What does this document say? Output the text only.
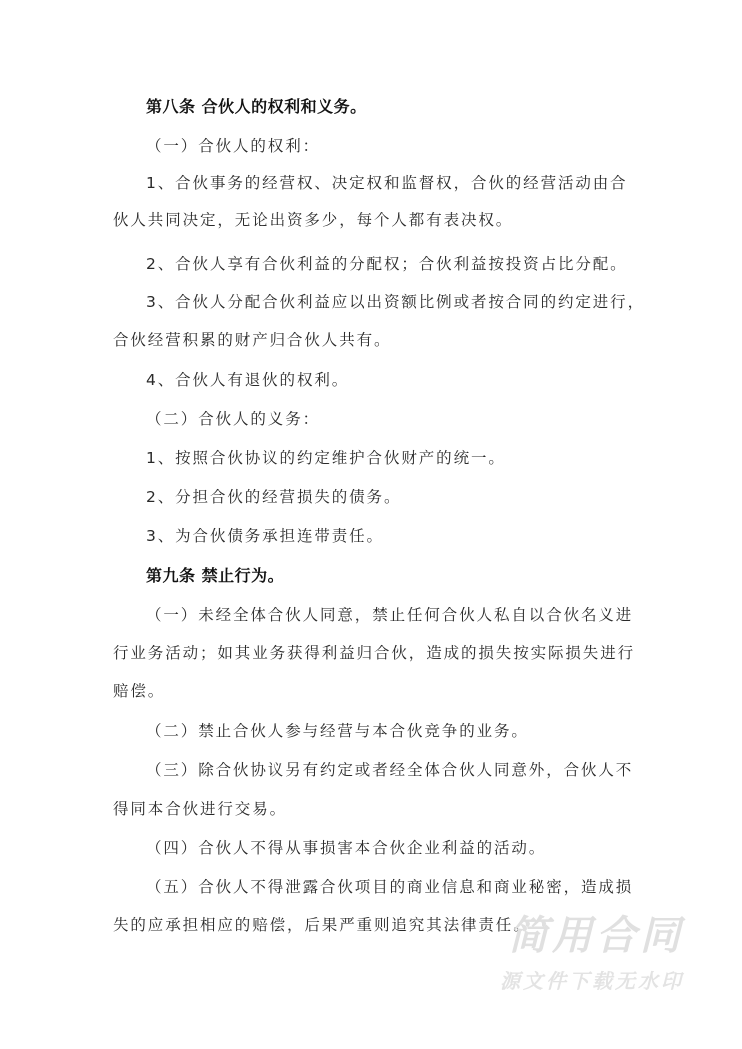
第八条 合伙人的权利和义务。
（一）合伙人的权利：
1、合伙事务的经营权、决定权和监督权，合伙的经营活动由合
伙人共同决定，无论出资多少，每个人都有表决权。
2、合伙人享有合伙利益的分配权；合伙利益按投资占比分配。
3、合伙人分配合伙利益应以出资额比例或者按合同的约定进行，
合伙经营积累的财产归合伙人共有。
4、合伙人有退伙的权利。
（二）合伙人的义务：
1、按照合伙协议的约定维护合伙财产的统一。
2、分担合伙的经营损失的债务。
3、为合伙债务承担连带责任。
第九条 禁止行为。
（一）未经全体合伙人同意，禁止任何合伙人私自以合伙名义进
行业务活动；如其业务获得利益归合伙，造成的损失按实际损失进行
赔偿。
（二）禁止合伙人参与经营与本合伙竞争的业务。
（三）除合伙协议另有约定或者经全体合伙人同意外，合伙人不
得同本合伙进行交易。
（四）合伙人不得从事损害本合伙企业利益的活动。
（五）合伙人不得泄露合伙项目的商业信息和商业秘密，造成损
失的应承担相应的赔偿，后果严重则追究其法律责任。
简用合同
源文件下载无水印
